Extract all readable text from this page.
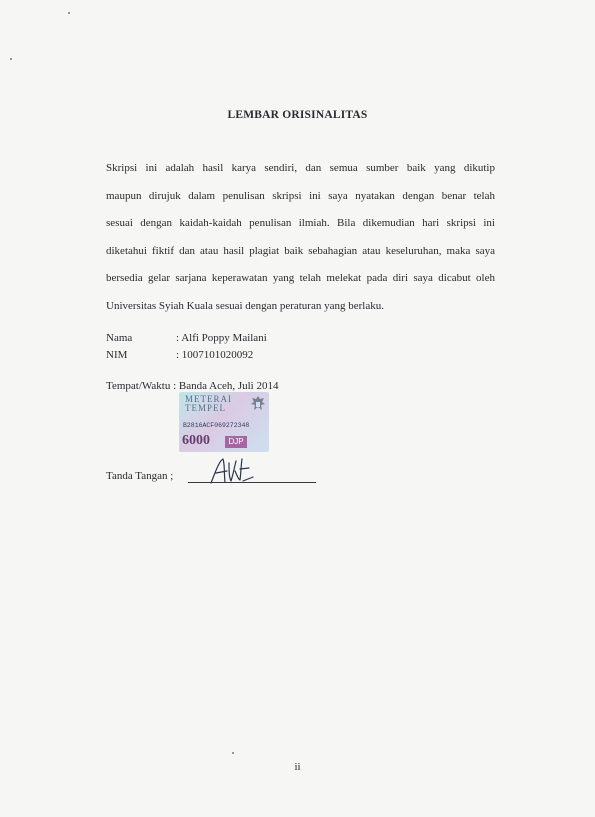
LEMBAR ORISINALITAS
Skripsi ini adalah hasil karya sendiri, dan semua sumber baik yang dikutip
maupun dirujuk dalam penulisan skripsi ini saya nyatakan dengan benar telah
sesuai dengan kaidah-kaidah penulisan ilmiah. Bila dikemudian hari skripsi ini
diketahui fiktif dan atau hasil plagiat baik sebahagian atau keseluruhan, maka saya
bersedia gelar sarjana keperawatan yang telah melekat pada diri saya dicabut oleh
Universitas Syiah Kuala sesuai dengan peraturan yang berlaku.
Nama	: Alfi Poppy Mailani
NIM	: 1007101020092
Tempat/Waktu : Banda Aceh, Juli 2014
METERAI
TEMPEL
B2816ACF069272348
6000	DJP
Tanda Tangan ;
ii
